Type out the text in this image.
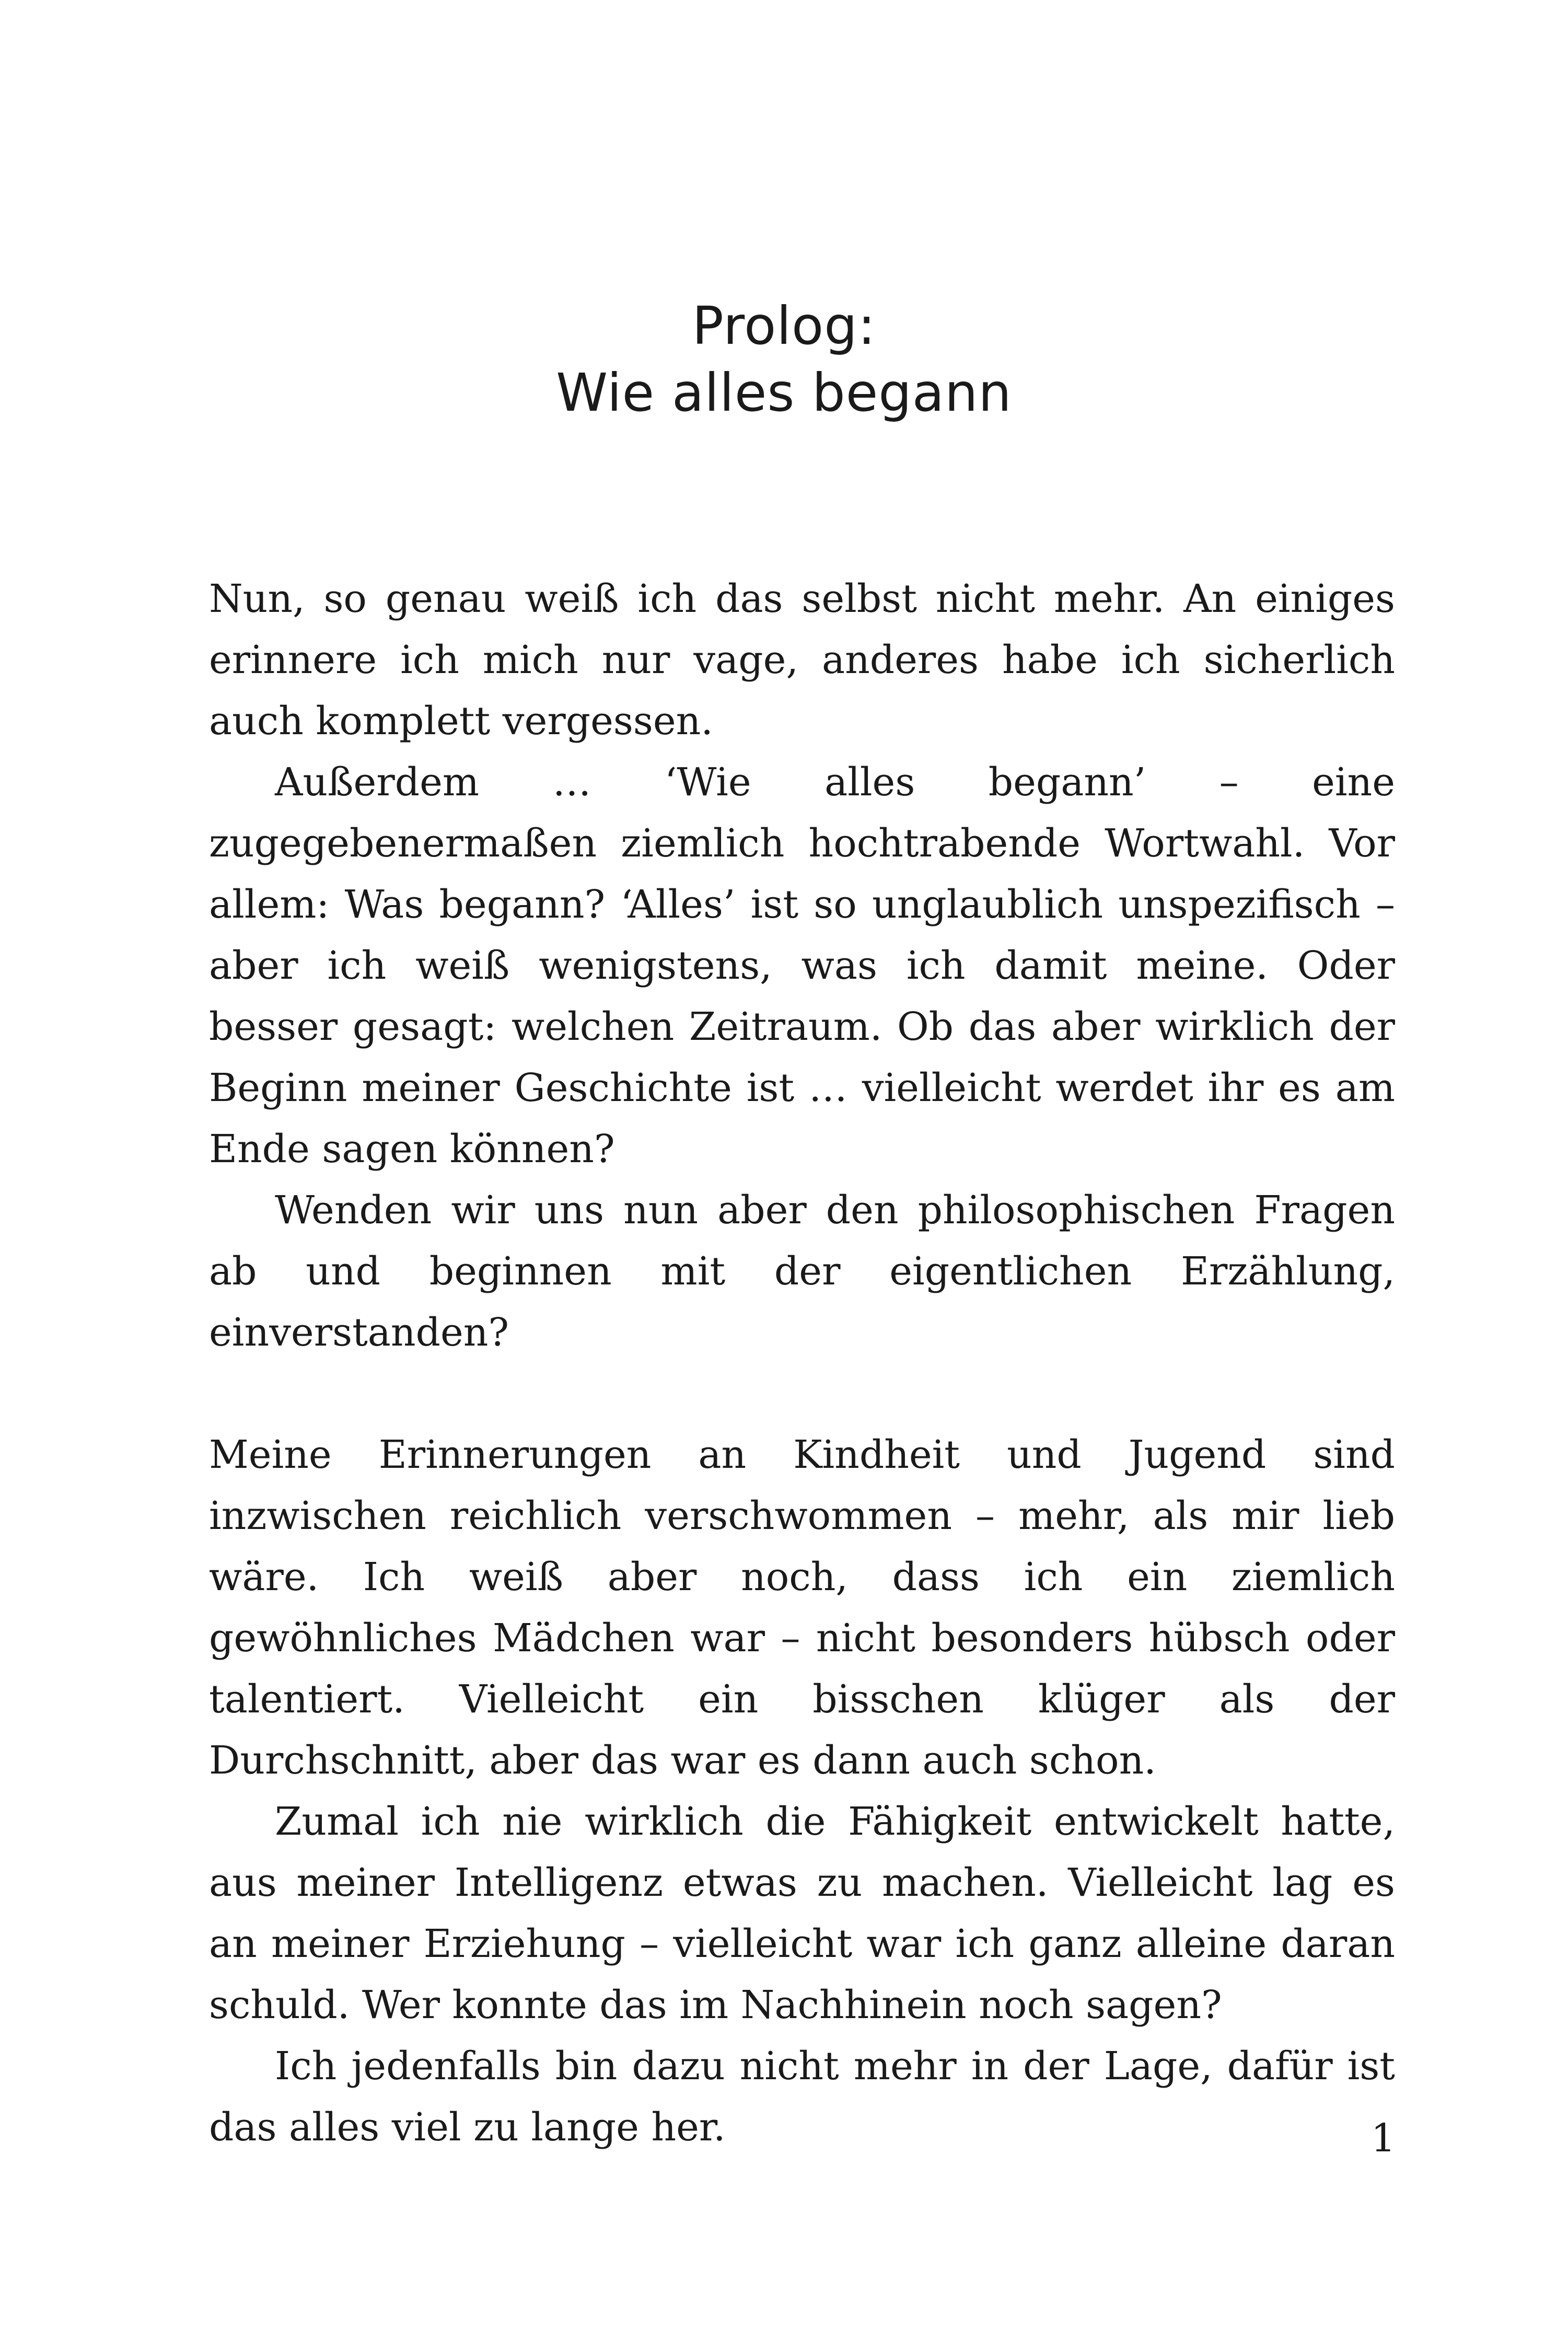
Prolog:
Wie alles begann

Nun, so genau weiß ich das selbst nicht mehr. An einiges erinnere ich mich nur vage, anderes habe ich sicherlich auch komplett vergessen.

Außerdem … ‘Wie alles begann’ – eine zugegebenermaßen ziemlich hochtrabende Wortwahl. Vor allem: Was begann? ‘Alles’ ist so unglaublich unspezifisch – aber ich weiß wenigstens, was ich damit meine. Oder besser gesagt: welchen Zeitraum. Ob das aber wirklich der Beginn meiner Geschichte ist … vielleicht werdet ihr es am Ende sagen können?

Wenden wir uns nun aber den philosophischen Fragen ab und beginnen mit der eigentlichen Erzählung, einverstanden?

Meine Erinnerungen an Kindheit und Jugend sind inzwischen reichlich verschwommen – mehr, als mir lieb wäre. Ich weiß aber noch, dass ich ein ziemlich gewöhnliches Mädchen war – nicht besonders hübsch oder talentiert. Vielleicht ein bisschen klüger als der Durchschnitt, aber das war es dann auch schon.

Zumal ich nie wirklich die Fähigkeit entwickelt hatte, aus meiner Intelligenz etwas zu machen. Vielleicht lag es an meiner Erziehung – vielleicht war ich ganz alleine daran schuld. Wer konnte das im Nachhinein noch sagen?

Ich jedenfalls bin dazu nicht mehr in der Lage, dafür ist das alles viel zu lange her.	1
